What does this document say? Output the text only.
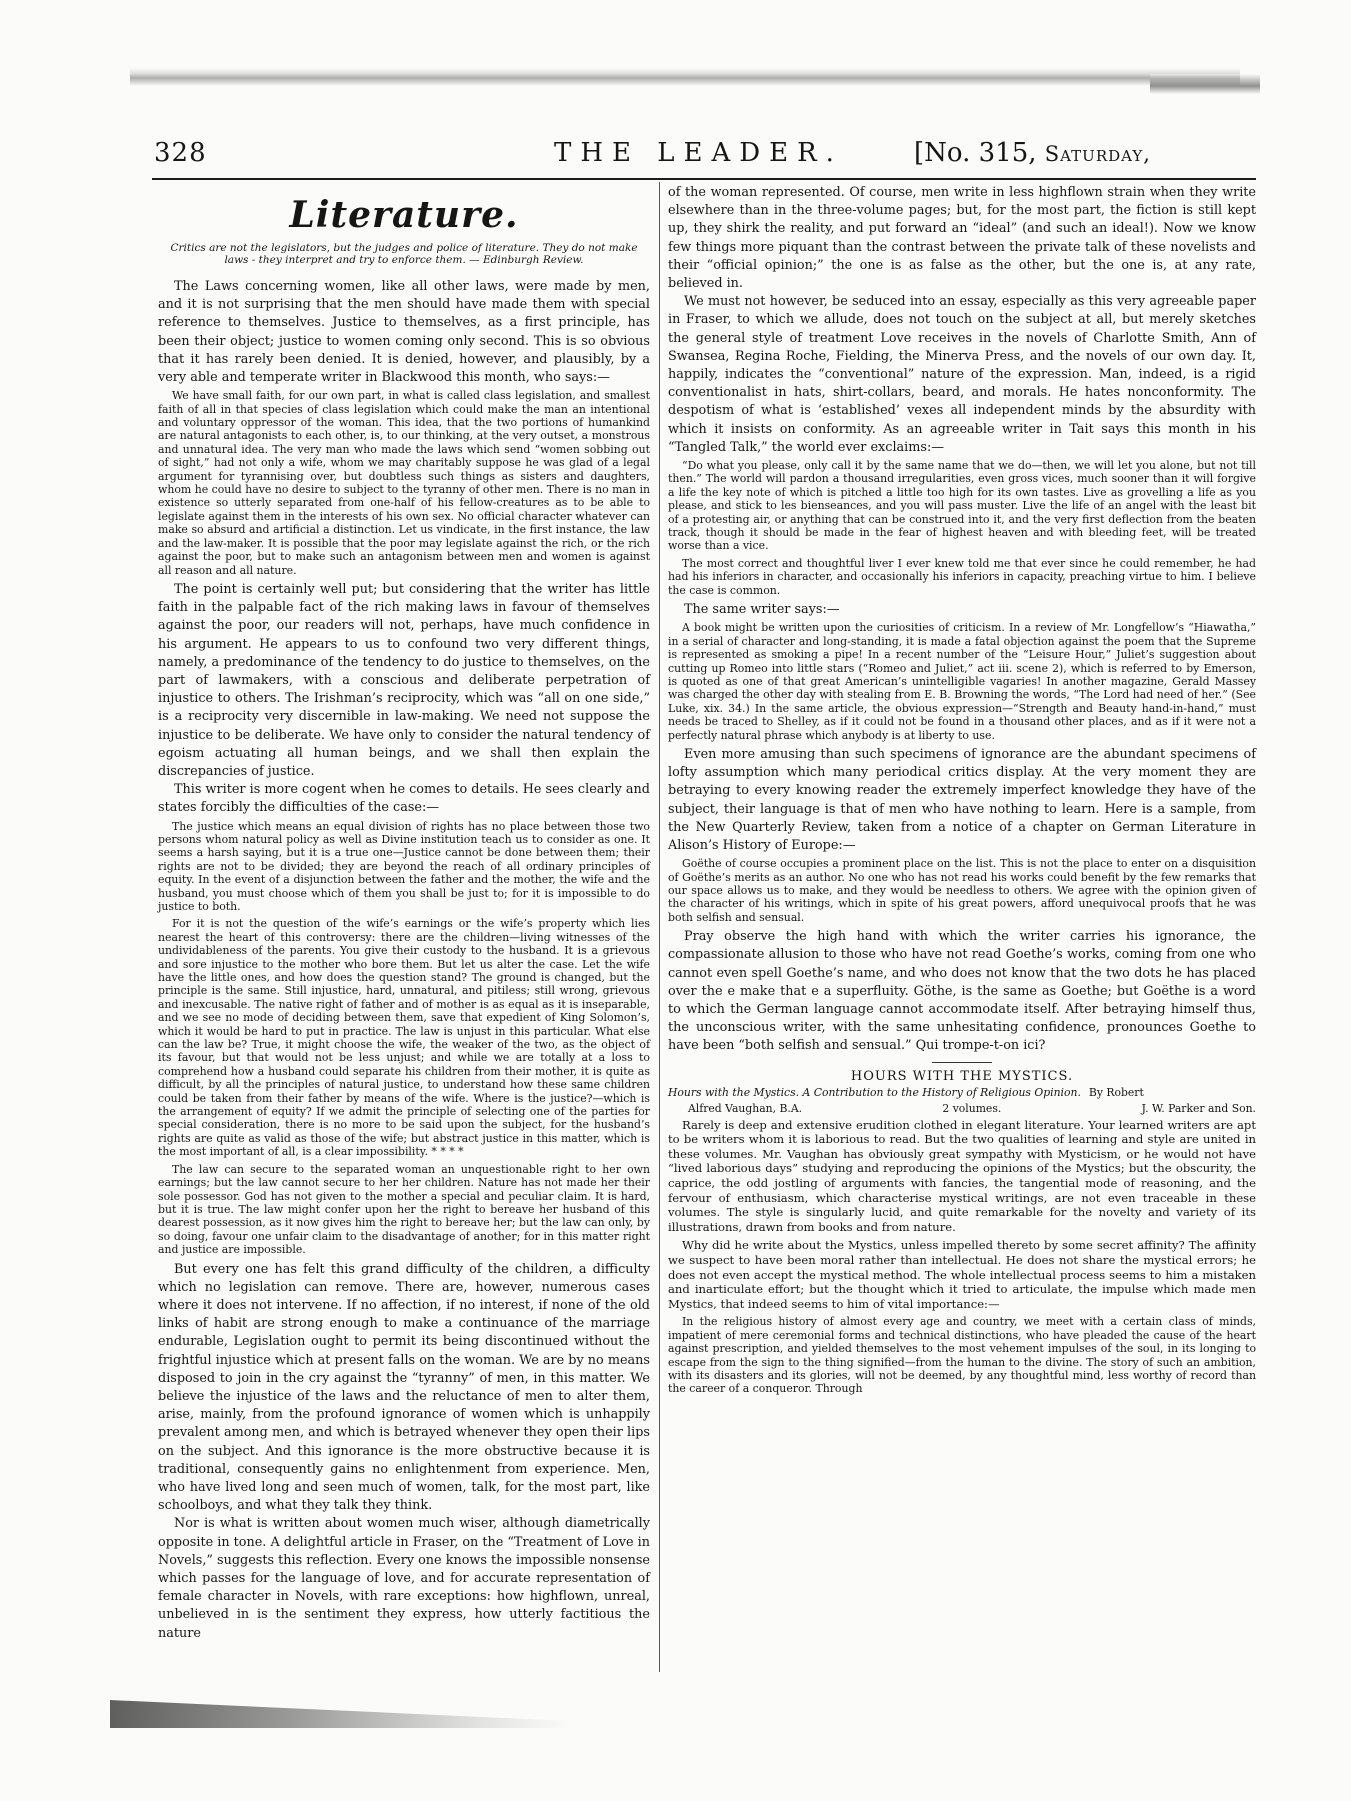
328	THE LEADER.	[No. 315, Saturday,
Literature.
Critics are not the legislators, but the judges and police of literature. They do not make laws - they interpret and try to enforce them. — Edinburgh Review.

The Laws concerning women, like all other laws, were made by men, and it is not surprising that the men should have made them with special reference to themselves. Justice to themselves, as a first principle, has been their object; justice to women coming only second. This is so obvious that it has rarely been denied. It is denied, however, and plausibly, by a very able and temperate writer in Blackwood this month, who says:—

We have small faith, for our own part, in what is called class legislation, and smallest faith of all in that species of class legislation which could make the man an intentional and voluntary oppressor of the woman. This idea, that the two portions of humankind are natural antagonists to each other, is, to our thinking, at the very outset, a monstrous and unnatural idea. The very man who made the laws which send “women sobbing out of sight,” had not only a wife, whom we may charitably suppose he was glad of a legal argument for tyrannising over, but doubtless such things as sisters and daughters, whom he could have no desire to subject to the tyranny of other men. There is no man in existence so utterly separated from one-half of his fellow-creatures as to be able to legislate against them in the interests of his own sex. No official character whatever can make so absurd and artificial a distinction. Let us vindicate, in the first instance, the law and the law-maker. It is possible that the poor may legislate against the rich, or the rich against the poor, but to make such an antagonism between men and women is against all reason and all nature.

The point is certainly well put; but considering that the writer has little faith in the palpable fact of the rich making laws in favour of themselves against the poor, our readers will not, perhaps, have much confidence in his argument. He appears to us to confound two very different things, namely, a predominance of the tendency to do justice to themselves, on the part of lawmakers, with a conscious and deliberate perpetration of injustice to others. The Irishman’s reciprocity, which was “all on one side,” is a reciprocity very discernible in law-making. We need not suppose the injustice to be deliberate. We have only to consider the natural tendency of egoism actuating all human beings, and we shall then explain the discrepancies of justice.

This writer is more cogent when he comes to details. He sees clearly and states forcibly the difficulties of the case:—

The justice which means an equal division of rights has no place between those two persons whom natural policy as well as Divine institution teach us to consider as one. It seems a harsh saying, but it is a true one—Justice cannot be done between them; their rights are not to be divided; they are beyond the reach of all ordinary principles of equity. In the event of a disjunction between the father and the mother, the wife and the husband, you must choose which of them you shall be just to; for it is impossible to do justice to both.

For it is not the question of the wife’s earnings or the wife’s property which lies nearest the heart of this controversy: there are the children—living witnesses of the undividableness of the parents. You give their custody to the husband. It is a grievous and sore injustice to the mother who bore them. But let us alter the case. Let the wife have the little ones, and how does the question stand? The ground is changed, but the principle is the same. Still injustice, hard, unnatural, and pitiless; still wrong, grievous and inexcusable. The native right of father and of mother is as equal as it is inseparable, and we see no mode of deciding between them, save that expedient of King Solomon’s, which it would be hard to put in practice. The law is unjust in this particular. What else can the law be? True, it might choose the wife, the weaker of the two, as the object of its favour, but that would not be less unjust; and while we are totally at a loss to comprehend how a husband could separate his children from their mother, it is quite as difficult, by all the principles of natural justice, to understand how these same children could be taken from their father by means of the wife. Where is the justice?—which is the arrangement of equity? If we admit the principle of selecting one of the parties for special consideration, there is no more to be said upon the subject, for the husband’s rights are quite as valid as those of the wife; but abstract justice in this matter, which is the most important of all, is a clear impossibility. * * * *

The law can secure to the separated woman an unquestionable right to her own earnings; but the law cannot secure to her her children. Nature has not made her their sole possessor. God has not given to the mother a special and peculiar claim. It is hard, but it is true. The law might confer upon her the right to bereave her husband of this dearest possession, as it now gives him the right to bereave her; but the law can only, by so doing, favour one unfair claim to the disadvantage of another; for in this matter right and justice are impossible.

But every one has felt this grand difficulty of the children, a difficulty which no legislation can remove. There are, however, numerous cases where it does not intervene. If no affection, if no interest, if none of the old links of habit are strong enough to make a continuance of the marriage endurable, Legislation ought to permit its being discontinued without the frightful injustice which at present falls on the woman. We are by no means disposed to join in the cry against the “tyranny” of men, in this matter. We believe the injustice of the laws and the reluctance of men to alter them, arise, mainly, from the profound ignorance of women which is unhappily prevalent among men, and which is betrayed whenever they open their lips on the subject. And this ignorance is the more obstructive because it is traditional, consequently gains no enlightenment from experience. Men, who have lived long and seen much of women, talk, for the most part, like schoolboys, and what they talk they think.

Nor is what is written about women much wiser, although diametrically opposite in tone. A delightful article in Fraser, on the “Treatment of Love in Novels,” suggests this reflection. Every one knows the impossible nonsense which passes for the language of love, and for accurate representation of female character in Novels, with rare exceptions: how highflown, unreal, unbelieved in is the sentiment they express, how utterly factitious the nature

of the woman represented. Of course, men write in less highflown strain when they write elsewhere than in the three-volume pages; but, for the most part, the fiction is still kept up, they shirk the reality, and put forward an “ideal” (and such an ideal!). Now we know few things more piquant than the contrast between the private talk of these novelists and their “official opinion;” the one is as false as the other, but the one is, at any rate, believed in.

We must not however, be seduced into an essay, especially as this very agreeable paper in Fraser, to which we allude, does not touch on the subject at all, but merely sketches the general style of treatment Love receives in the novels of Charlotte Smith, Ann of Swansea, Regina Roche, Fielding, the Minerva Press, and the novels of our own day. It, happily, indicates the “conventional” nature of the expression. Man, indeed, is a rigid conventionalist in hats, shirt-collars, beard, and morals. He hates nonconformity. The despotism of what is ‘established’ vexes all independent minds by the absurdity with which it insists on conformity. As an agreeable writer in Tait says this month in his “Tangled Talk,” the world ever exclaims:—

“Do what you please, only call it by the same name that we do—then, we will let you alone, but not till then.” The world will pardon a thousand irregularities, even gross vices, much sooner than it will forgive a life the key note of which is pitched a little too high for its own tastes. Live as grovelling a life as you please, and stick to les bienseances, and you will pass muster. Live the life of an angel with the least bit of a protesting air, or anything that can be construed into it, and the very first deflection from the beaten track, though it should be made in the fear of highest heaven and with bleeding feet, will be treated worse than a vice.

The most correct and thoughtful liver I ever knew told me that ever since he could remember, he had had his inferiors in character, and occasionally his inferiors in capacity, preaching virtue to him. I believe the case is common.

The same writer says:—

A book might be written upon the curiosities of criticism. In a review of Mr. Longfellow’s “Hiawatha,” in a serial of character and long-standing, it is made a fatal objection against the poem that the Supreme is represented as smoking a pipe! In a recent number of the “Leisure Hour,” Juliet’s suggestion about cutting up Romeo into little stars (“Romeo and Juliet,” act iii. scene 2), which is referred to by Emerson, is quoted as one of that great American’s unintelligible vagaries! In another magazine, Gerald Massey was charged the other day with stealing from E. B. Browning the words, “The Lord had need of her.” (See Luke, xix. 34.) In the same article, the obvious expression—“Strength and Beauty hand-in-hand,” must needs be traced to Shelley, as if it could not be found in a thousand other places, and as if it were not a perfectly natural phrase which anybody is at liberty to use.

Even more amusing than such specimens of ignorance are the abundant specimens of lofty assumption which many periodical critics display. At the very moment they are betraying to every knowing reader the extremely imperfect knowledge they have of the subject, their language is that of men who have nothing to learn. Here is a sample, from the New Quarterly Review, taken from a notice of a chapter on German Literature in Alison’s History of Europe:—

Goëthe of course occupies a prominent place on the list. This is not the place to enter on a disquisition of Goëthe’s merits as an author. No one who has not read his works could benefit by the few remarks that our space allows us to make, and they would be needless to others. We agree with the opinion given of the character of his writings, which in spite of his great powers, afford unequivocal proofs that he was both selfish and sensual.

Pray observe the high hand with which the writer carries his ignorance, the compassionate allusion to those who have not read Goethe’s works, coming from one who cannot even spell Goethe’s name, and who does not know that the two dots he has placed over the e make that e a superfluity. Göthe, is the same as Goethe; but Goëthe is a word to which the German language cannot accommodate itself. After betraying himself thus, the unconscious writer, with the same unhesitating confidence, pronounces Goethe to have been “both selfish and sensual.” Qui trompe-t-on ici?

HOURS WITH THE MYSTICS.
Hours with the Mystics. A Contribution to the History of Religious Opinion. By Robert
Alfred Vaughan, B.A.	2 volumes.	J. W. Parker and Son.

Rarely is deep and extensive erudition clothed in elegant literature. Your learned writers are apt to be writers whom it is laborious to read. But the two qualities of learning and style are united in these volumes. Mr. Vaughan has obviously great sympathy with Mysticism, or he would not have “lived laborious days” studying and reproducing the opinions of the Mystics; but the obscurity, the caprice, the odd jostling of arguments with fancies, the tangential mode of reasoning, and the fervour of enthusiasm, which characterise mystical writings, are not even traceable in these volumes. The style is singularly lucid, and quite remarkable for the novelty and variety of its illustrations, drawn from books and from nature.

Why did he write about the Mystics, unless impelled thereto by some secret affinity? The affinity we suspect to have been moral rather than intellectual. He does not share the mystical errors; he does not even accept the mystical method. The whole intellectual process seems to him a mistaken and inarticulate effort; but the thought which it tried to articulate, the impulse which made men Mystics, that indeed seems to him of vital importance:—

In the religious history of almost every age and country, we meet with a certain class of minds, impatient of mere ceremonial forms and technical distinctions, who have pleaded the cause of the heart against prescription, and yielded themselves to the most vehement impulses of the soul, in its longing to escape from the sign to the thing signified—from the human to the divine. The story of such an ambition, with its disasters and its glories, will not be deemed, by any thoughtful mind, less worthy of record than the career of a conqueror. Through
